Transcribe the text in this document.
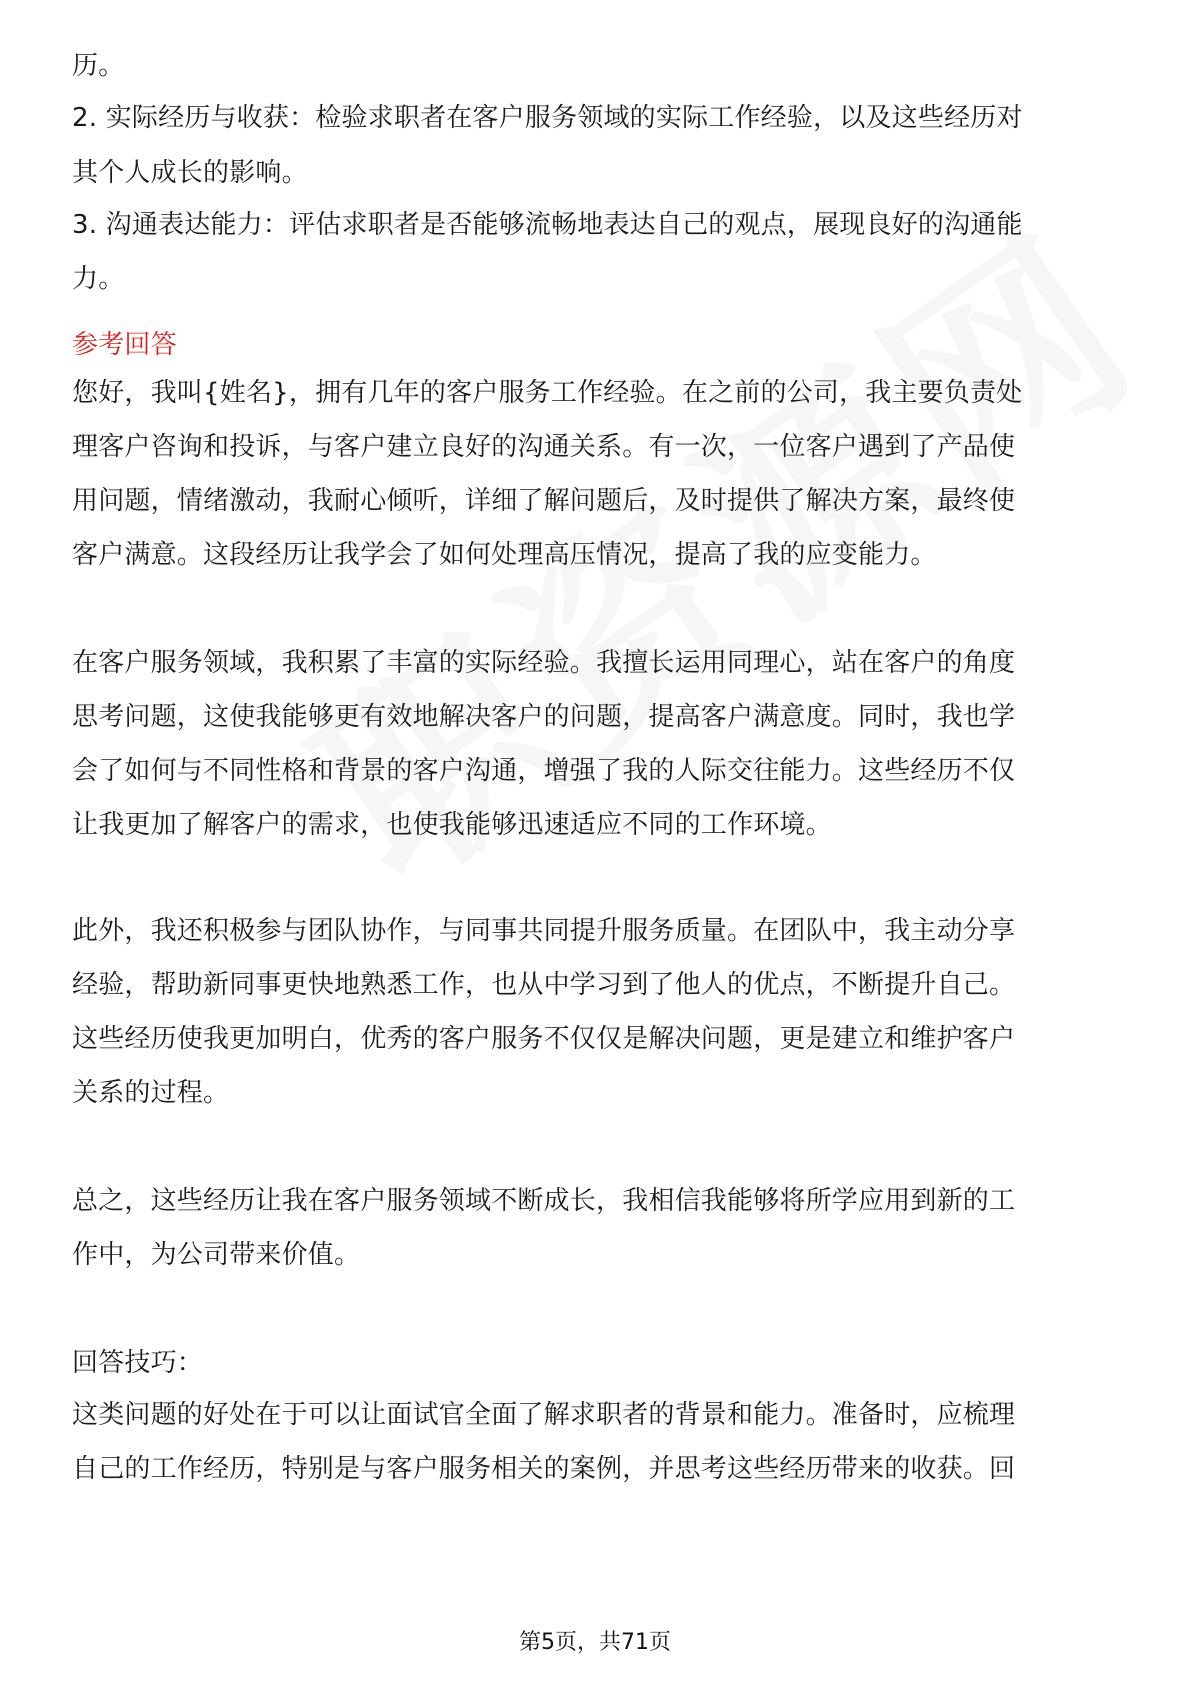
历。
2. 实际经历与收获：检验求职者在客户服务领域的实际工作经验，以及这些经历对
其个人成长的影响。
3. 沟通表达能力：评估求职者是否能够流畅地表达自己的观点，展现良好的沟通能
力。
参考回答
您好，我叫{姓名}，拥有几年的客户服务工作经验。在之前的公司，我主要负责处
理客户咨询和投诉，与客户建立良好的沟通关系。有一次，一位客户遇到了产品使
用问题，情绪激动，我耐心倾听，详细了解问题后，及时提供了解决方案，最终使
客户满意。这段经历让我学会了如何处理高压情况，提高了我的应变能力。
在客户服务领域，我积累了丰富的实际经验。我擅长运用同理心，站在客户的角度
思考问题，这使我能够更有效地解决客户的问题，提高客户满意度。同时，我也学
会了如何与不同性格和背景的客户沟通，增强了我的人际交往能力。这些经历不仅
让我更加了解客户的需求，也使我能够迅速适应不同的工作环境。
此外，我还积极参与团队协作，与同事共同提升服务质量。在团队中，我主动分享
经验，帮助新同事更快地熟悉工作，也从中学习到了他人的优点，不断提升自己。
这些经历使我更加明白，优秀的客户服务不仅仅是解决问题，更是建立和维护客户
关系的过程。
总之，这些经历让我在客户服务领域不断成长，我相信我能够将所学应用到新的工
作中，为公司带来价值。
回答技巧：
这类问题的好处在于可以让面试官全面了解求职者的背景和能力。准备时，应梳理
自己的工作经历，特别是与客户服务相关的案例，并思考这些经历带来的收获。回
第5页，共71页
